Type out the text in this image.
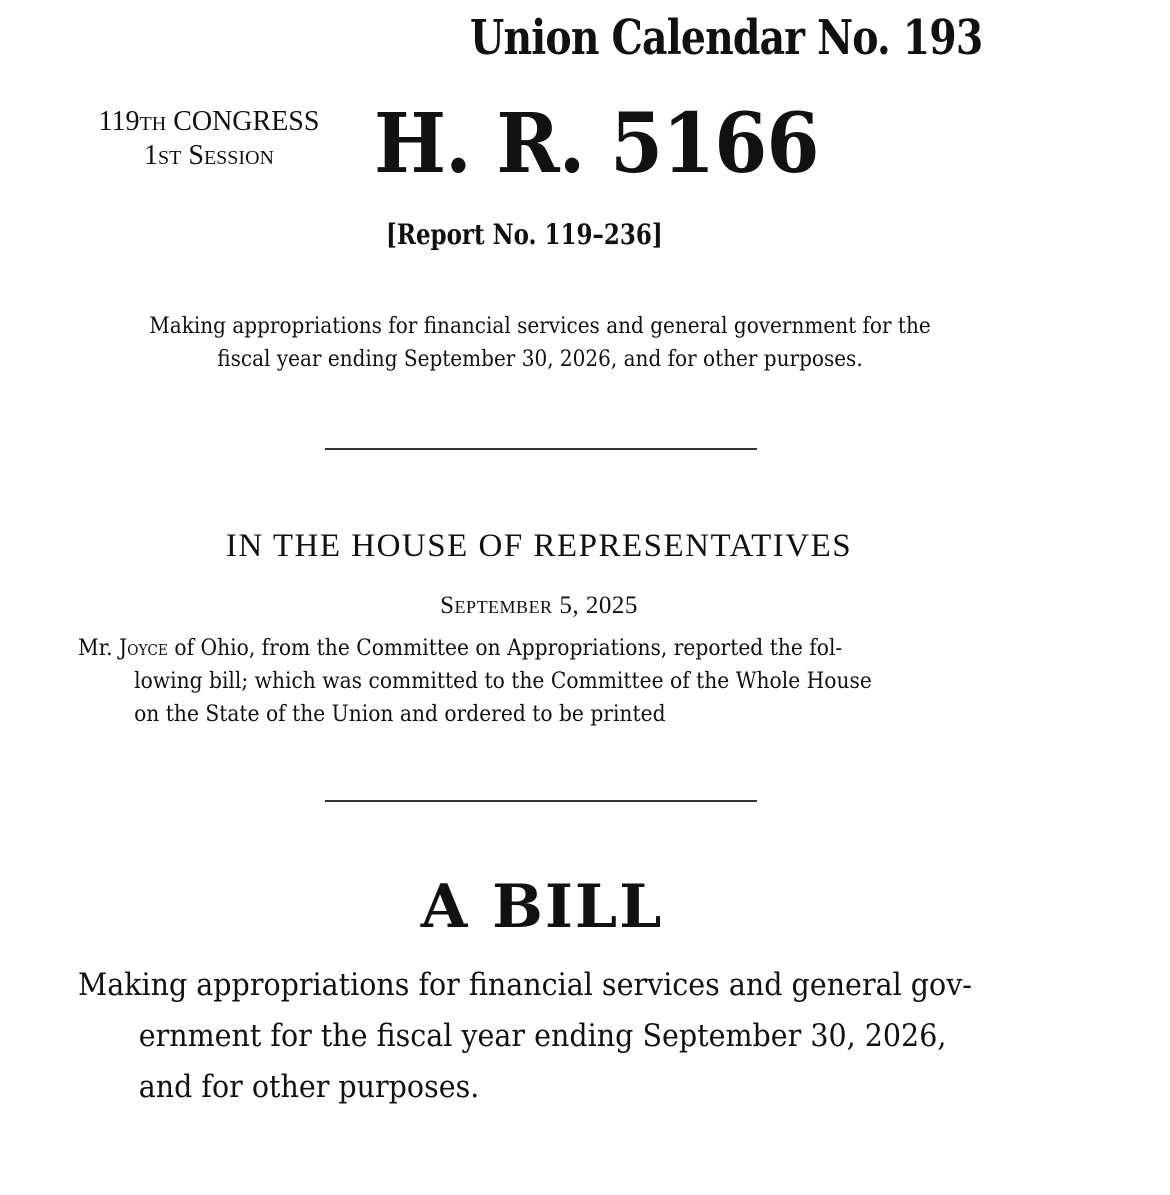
Union Calendar No. 193
119TH CONGRESS
1ST Session	H. R. 5166
[Report No. 119–236]
Making appropriations for financial services and general government for the
fiscal year ending September 30, 2026, and for other purposes.
IN THE HOUSE OF REPRESENTATIVES
September 5, 2025

Mr. Joyce of Ohio, from the Committee on Appropriations, reported the fol-

lowing bill; which was committed to the Committee of the Whole House

on the State of the Union and ordered to be printed

A BILL

Making appropriations for financial services and general gov-

ernment for the fiscal year ending September 30, 2026,

and for other purposes.
